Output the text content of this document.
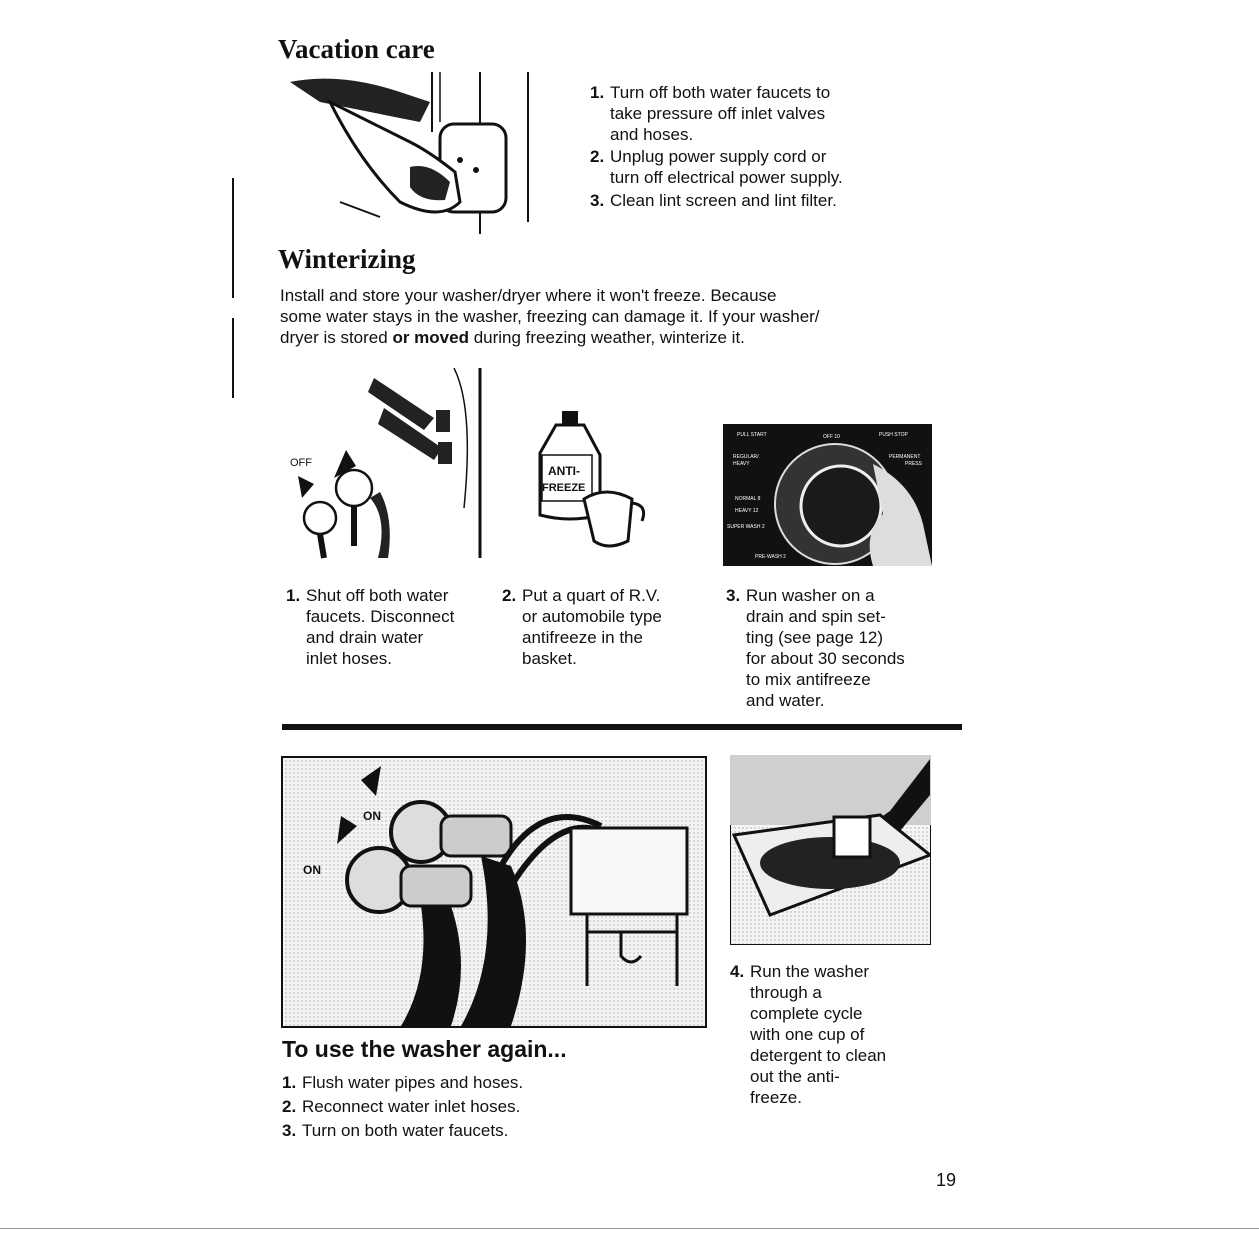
Vacation care
1. Turn off both water faucets to
take pressure off inlet valves
and hoses.
2. Unplug power supply cord or
turn off electrical power supply.
3. Clean lint screen and lint filter.
Winterizing
Install and store your washer/dryer where it won't freeze. Because
some water stays in the washer, freezing can damage it. If your washer/
dryer is stored or moved during freezing weather, winterize it.
OFF
ANTI-
FREEZE
PULL START	PUSH STOP
OFF 10
REGULAR/
HEAVY
PERMANENT
PRESS
NORMAL 8
HEAVY 12
SUPER WASH 2
PRE-WASH 2
1. Shut off both water
faucets. Disconnect
and drain water
inlet hoses.
2. Put a quart of R.V.
or automobile type
antifreeze in the
basket.
3. Run washer on a
drain and spin set-
ting (see page 12)
for about 30 seconds
to mix antifreeze
and water.
ON
ON
4. Run the washer
through a
complete cycle
with one cup of
detergent to clean
out the anti-
freeze.
To use the washer again...
1. Flush water pipes and hoses.
2. Reconnect water inlet hoses.
3. Turn on both water faucets.
19
